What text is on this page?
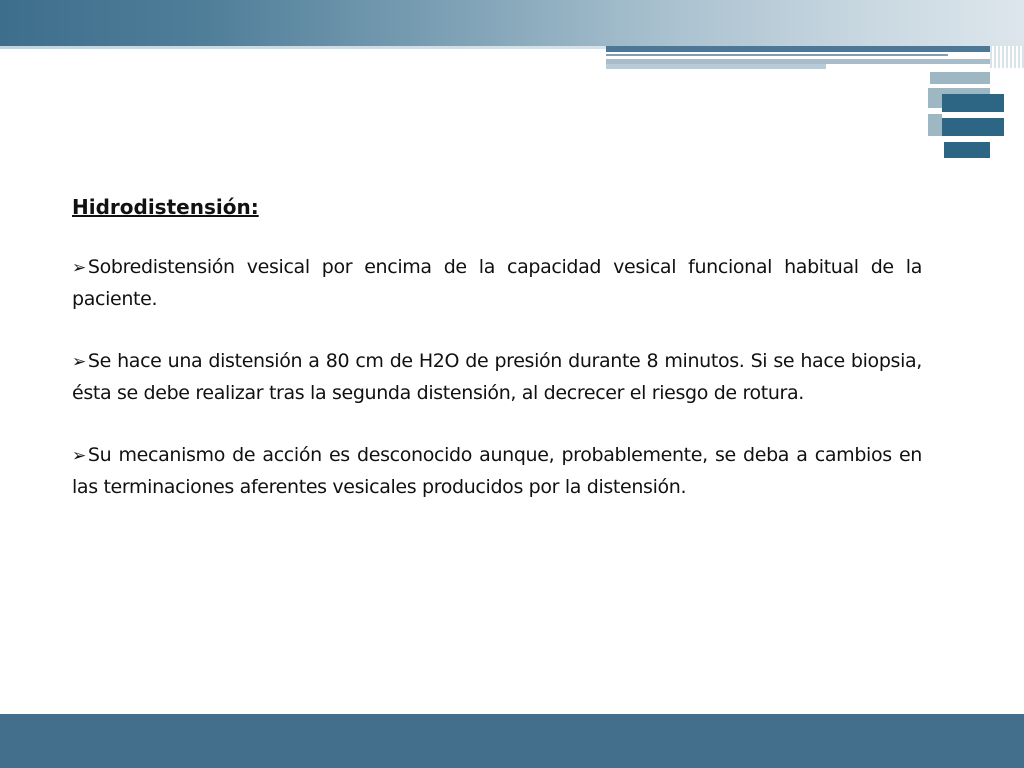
Hidrodistensión:

➢ Sobredistensión vesical por encima de la capacidad vesical funcional habitual de la paciente.

➢ Se hace una distensión a 80 cm de H2O de presión durante 8 minutos. Si se hace biopsia, ésta se debe realizar tras la segunda distensión, al decrecer el riesgo de rotura.

➢ Su mecanismo de acción es desconocido aunque, probablemente, se deba a cambios en las terminaciones aferentes vesicales producidos por la distensión.
